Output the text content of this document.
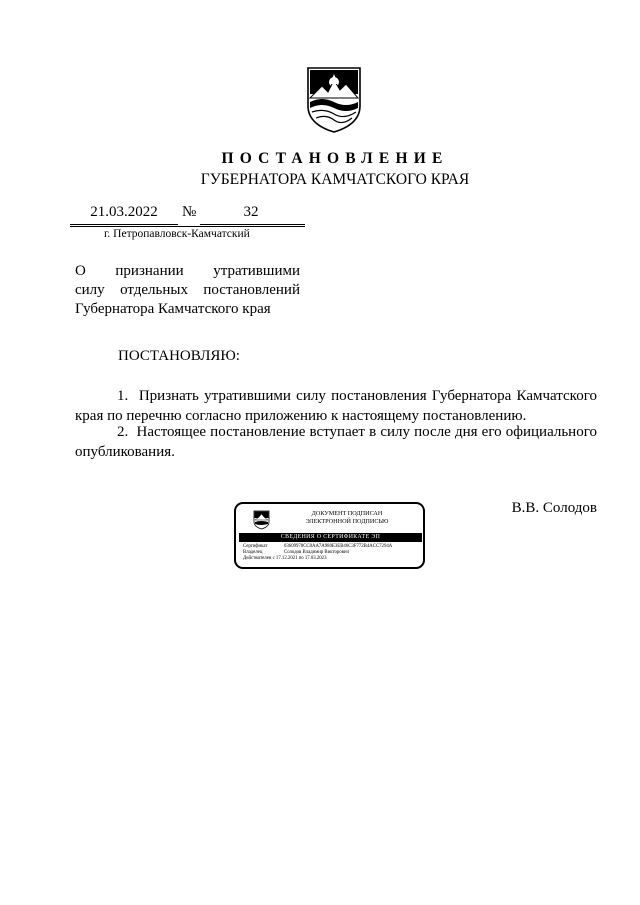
ПОСТАНОВЛЕНИЕ
ГУБЕРНАТОРА КАМЧАТСКОГО КРАЯ
21.03.2022	№	32
г. Петропавловск-Камчатский
О признании утратившими
силу отдельных постановлений
Губернатора Камчатского края
ПОСТАНОВЛЯЮ:
1.  Признать утратившими силу постановления Губернатора Камчатского
края по перечню согласно приложению к настоящему постановлению.
2.  Настоящее постановление вступает в силу после дня его официального
опубликования.
ДОКУМЕНТ ПОДПИСАН
ЭЛЕКТРОННОЙ ПОДПИСЬЮ
СВЕДЕНИЯ О СЕРТИФИКАТЕ ЭП
Сертификат	03609978CC0AA7A980E3EB46C3F772B4ACC7294A
Владелец	Солодов Владимир Викторович
Действителен с 17.12.2021 по 17.03.2023
В.В. Солодов
